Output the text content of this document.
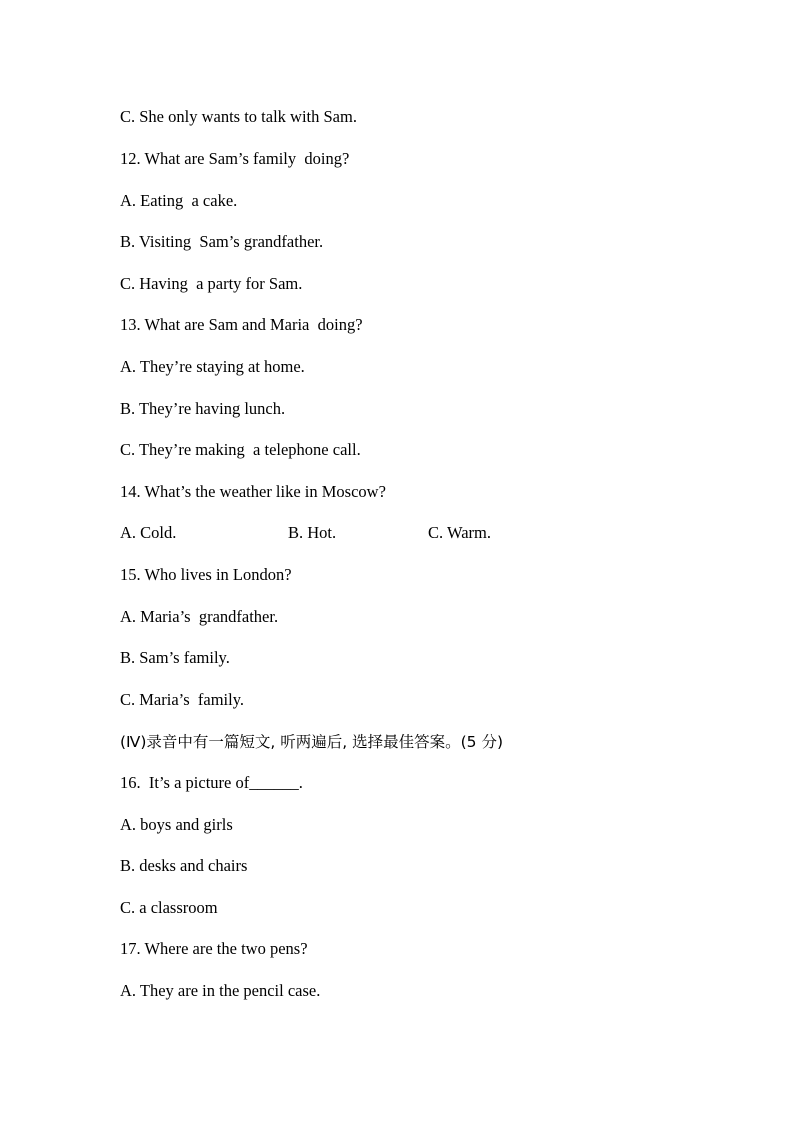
C. She only wants to talk with Sam.
12. What are Sam’s family  doing?
A. Eating  a cake.
B. Visiting  Sam’s grandfather.
C. Having  a party for Sam.
13. What are Sam and Maria  doing?
A. They’re staying at home.
B. They’re having lunch.
C. They’re making  a telephone call.
14. What’s the weather like in Moscow?

A. Cold.

	B. Hot.

	C. Warm.

15. Who lives in London?
A. Maria’s  grandfather.
B. Sam’s family.
C. Maria’s  family.
(Ⅳ)录音中有一篇短文, 听两遍后, 选择最佳答案。(5 分)
16.  It’s a picture of______.
A. boys and girls
B. desks and chairs
C. a classroom
17. Where are the two pens?
A. They are in the pencil case.
